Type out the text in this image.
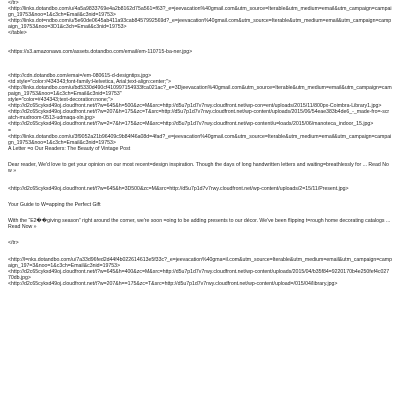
</tr>

<http://links.dotandbo.com/u/4a5a9833769e4a2b8162d75a561=f63?_e=jeevacation%40gmail.com&utm_source=Iterable&utm_medium=email&utm_campaign=campaign_19753&noo=1&c3ch=Email&c3nid=19753>

<http://links.dot=ndbo.com/u/5e60de0645ab411a93cab8457992569d?_e=jeevacation%40gmail.com&utm_source=Iterable&utm_medium=email&utm_campaign=campaign_19753&noo=3D1&c3ch=Email&c3nid=19753>

</table>

<https://s3.amazonaws.com/assets.dotandbo.com/email/em-110715-ba-ner.jpg>

<http://cdn.dotandbo.com/emai=/em-080615-d-designtips.jpg>

<td style="color:#434343;font-family:Helvetica, Arial;text-align:center;">

<http://links.dotandbo.com/u/bd5330d490cf410997154933fca021ac?_e=3Djeevacation%40gmail.com&utm_source=Iterable&utm_medium=email&utm_campaign=campaign_19753&noo=1&c3ch=Email&c3nid=19753"

style="color=#434343;text-decoration:none;">

<http://d2c65cykxd49oj.cloudfront.net/t?w=645&h=500&zc=M&src=http://d5u7p1d7v7rwy.cloudfront.net/wp-con=ent/uploads/2015/11/800px-Coimbra-Library1.jpg>

<http://d2c65cykxd49oj.cloudfront.net/t?w=207&h=175&zc=T&src=http://d5u7p1d7v7rwy.cloudfront.net/wp-content/uploads/2015/06/54eae383b4de6_-_made-fro=-scratch-mudroom-0513-udmaqa-xln.jpg>

<http://d2c65cykxd49oj.cloudfront.net/t?w=2=7&h=175&zc=M&src=http://d5u7p1d7v7rwy.cloudfront.net/wp-content/u=loads/2015/06/manoteca_indoor_15.jpg>

=

<http://links.dotandbo.com/u/3f9052a21b96409c9b84f46a08d=4fad?_e=jeevacation%40gmail.com&utm_source=Iterable&utm_medium=email&utm_campaign=campaign_19753&noo=1&c3ch=Email&c3nid=19753>

A Letter =o Our Readers: The Beauty of Vintage Post

Dear reader, We'd love to get your opinion on our most recent=design inspiration. Though the days of long handwritten letters and waiting=breathlessly for ... Read Now »

<http://d2c65cykxd49oj.cloudfront.net/t?w=645&h=3D500&zc=M&src=http://d5u7p1d7v7rwy.cloudfront.net/wp-content/uploads/2=15/11/Present.jpg>

Your Guide to W=apping the Perfect Gift

With the “E2��giving season” right around the corner, we're soon =oing to be adding presents to our décor. We've been flipping t=rough home decorating catalogs ... Read Now »

</tr>

<http://l=nks.dotandbo.com/u/7a33d96fed2d44f4b022614613e5f33c?_e=jeevacation%40gma=il.com&utm_source=Iterable&utm_medium=email&utm_campaign=campaign_197=3&noo=1&c3ch=Email&c3nid=19753>

<http://d2c65cykxd49oj.cloudfront.net/t?w=645&h=400&zc=M&src=http://d5u7p1d7v7rwy.cloudfront.net/wp-content/uploads/2015/04/b35f84=9220170b4e250fef4c02770db.jpg>

<http://d2c65cykxd49oj.cloudfront.net/t?w=207&h==175&zc=T&src=http://d5u7p1d7v7rwy.cloudfront.net/wp-content/upload=/015/04/library.jpg>
